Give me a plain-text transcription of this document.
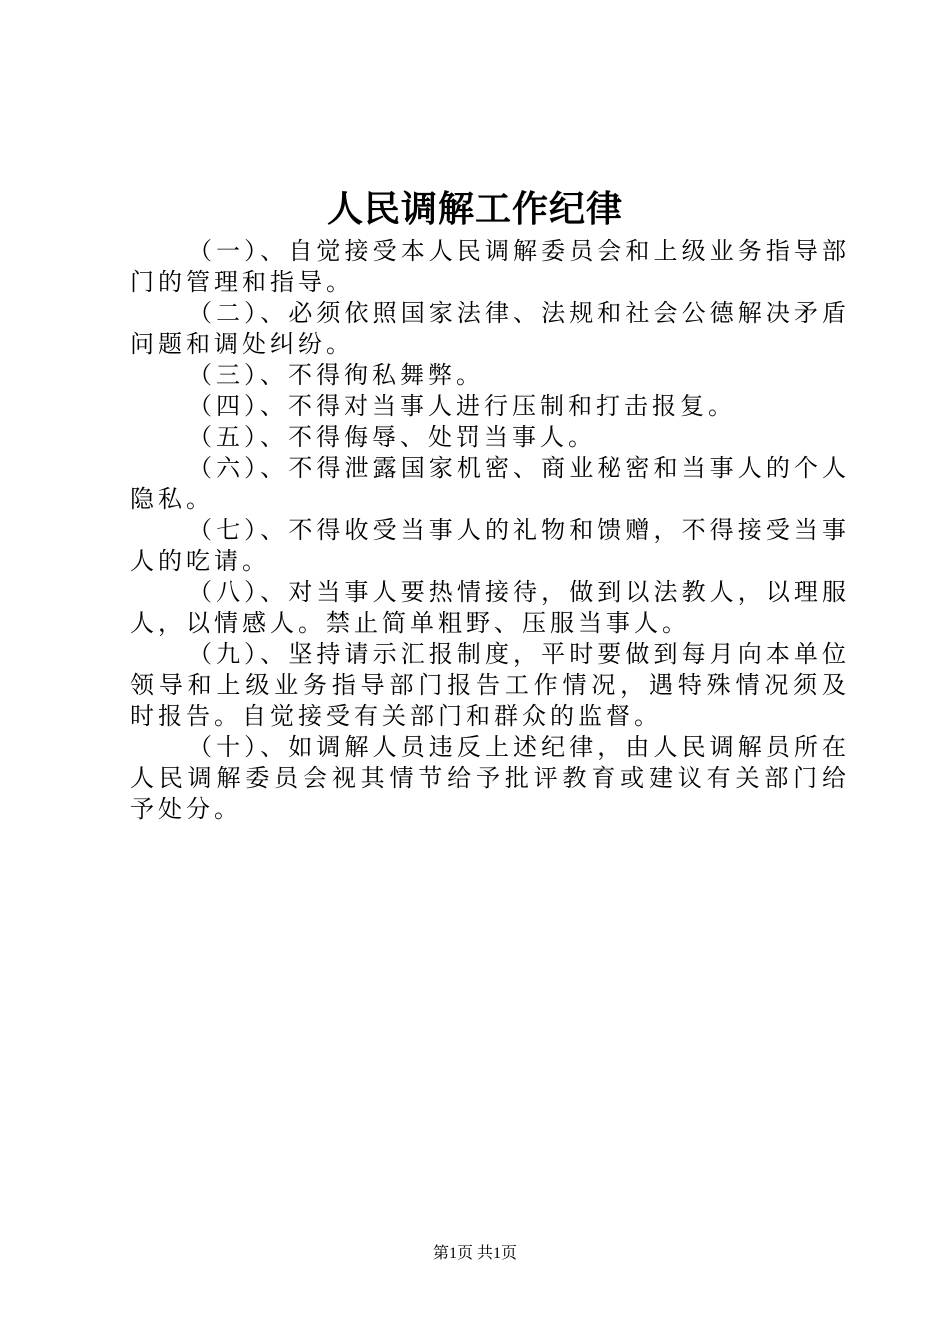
人民调解工作纪律

（一）、自觉接受本人民调解委员会和上级业务指导部门的管理和指导。

（二）、必须依照国家法律、法规和社会公德解决矛盾问题和调处纠纷。

（三）、不得徇私舞弊。

（四）、不得对当事人进行压制和打击报复。

（五）、不得侮辱、处罚当事人。

（六）、不得泄露国家机密、商业秘密和当事人的个人隐私。

（七）、不得收受当事人的礼物和馈赠，不得接受当事人的吃请。

（八）、对当事人要热情接待，做到以法教人，以理服人，以情感人。禁止简单粗野、压服当事人。

（九）、坚持请示汇报制度，平时要做到每月向本单位领导和上级业务指导部门报告工作情况，遇特殊情况须及时报告。自觉接受有关部门和群众的监督。

（十）、如调解人员违反上述纪律，由人民调解员所在人民调解委员会视其情节给予批评教育或建议有关部门给予处分。

第1页 共1页
